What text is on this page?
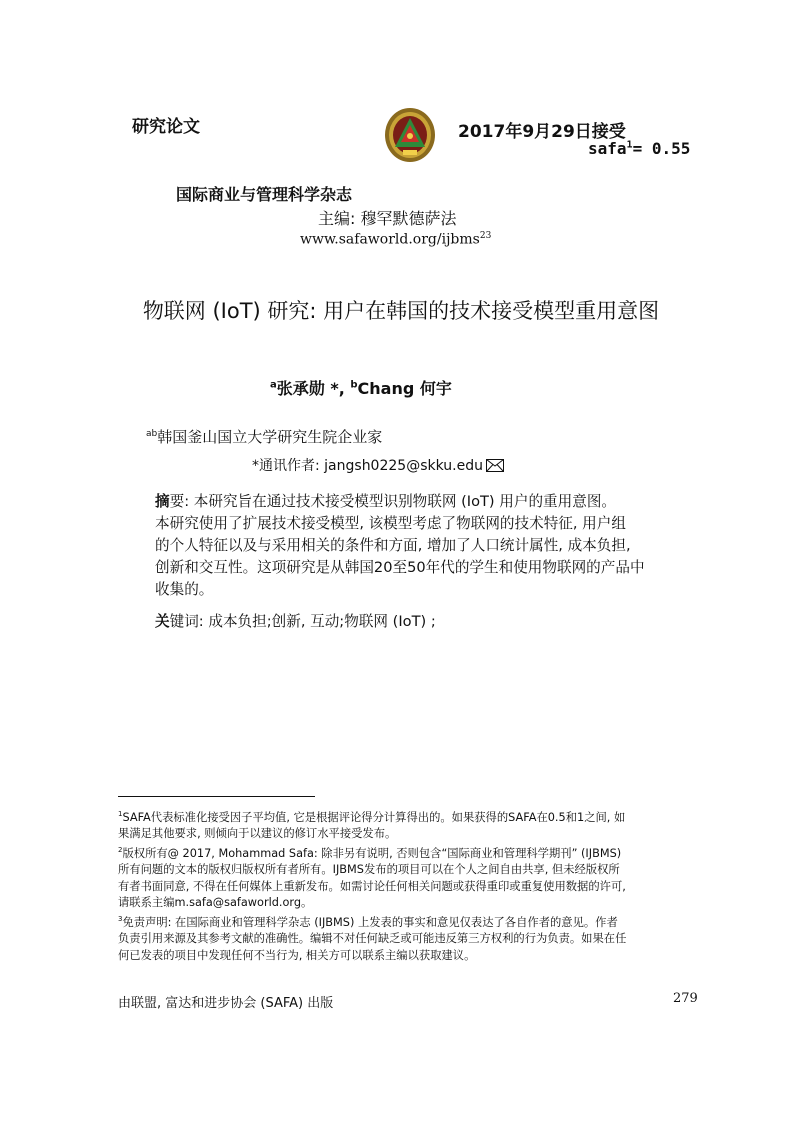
研究论文	2017年9月29日接受
safa$^1$= 0.55
国际商业与管理科学杂志
主编: 穆罕默德萨法
www.safaworld.org/ijbms$^{23}$
物联网 (IoT) 研究: 用户在韩国的技术接受模型重用意图
$^a$张承勋 *, $^b$Chang 何宇
$^{ab}$韩国釜山国立大学研究生院企业家
*通讯作者: jangsh0225@skku.edu
摘要: 本研究旨在通过技术接受模型识别物联网 (IoT) 用户的重用意图。
本研究使用了扩展技术接受模型, 该模型考虑了物联网的技术特征, 用户组
的个人特征以及与采用相关的条件和方面, 增加了人口统计属性, 成本负担,
创新和交互性。这项研究是从韩国20至50年代的学生和使用物联网的产品中
收集的。
关键词: 成本负担;创新, 互动;物联网 (IoT) ;
$^1$SAFA代表标准化接受因子平均值, 它是根据评论得分计算得出的。如果获得的SAFA在0.5和1之间, 如
果满足其他要求, 则倾向于以建议的修订水平接受发布。
$^2$版权所有@ 2017, Mohammad Safa: 除非另有说明, 否则包含“国际商业和管理科学期刊” (IJBMS)
所有问题的文本的版权归版权所有者所有。IJBMS发布的项目可以在个人之间自由共享, 但未经版权所
有者书面同意, 不得在任何媒体上重新发布。如需讨论任何相关问题或获得重印或重复使用数据的许可,
请联系主编m.safa@safaworld.org。
$^3$免责声明: 在国际商业和管理科学杂志 (IJBMS) 上发表的事实和意见仅表达了各自作者的意见。作者
负责引用来源及其参考文献的准确性。编辑不对任何缺乏或可能违反第三方权利的行为负责。如果在任
何已发表的项目中发现任何不当行为, 相关方可以联系主编以获取建议。
由联盟, 富达和进步协会 (SAFA) 出版	279
